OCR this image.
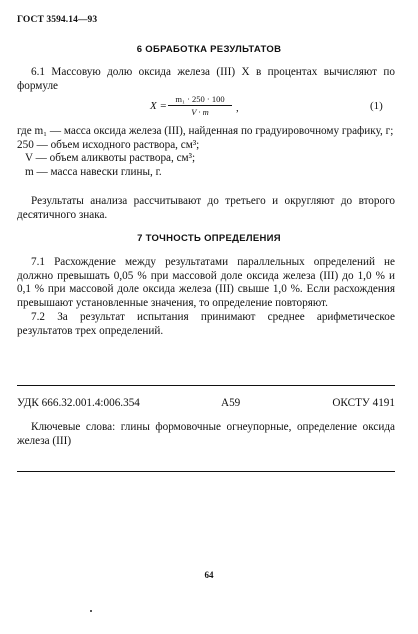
ГОСТ 3594.14—93
6 ОБРАБОТКА РЕЗУЛЬТАТОВ

6.1 Массовую долю оксида железа (III) X в процентах вычисляют по формуле

$X = \frac{\text{m₁ · 250 · 100}}{V \cdot m}$ ,	(1)
где m₁ — масса оксида железа (III), найденная по градуировочному графику, г;
250 — объем исходного раствора, см³;
V — объем аликвоты раствора, см³;
m — масса навески глины, г.

Результаты анализа рассчитывают до третьего и округляют до второго десятичного знака.

7 ТОЧНОСТЬ ОПРЕДЕЛЕНИЯ

7.1 Расхождение между результатами параллельных определений не должно превышать 0,05 % при массовой доле оксида железа (III) до 1,0 % и 0,1 % при массовой доле оксида железа (III) свыше 1,0 %. Если расхождения превышают установленные значения, то определение повторяют.

7.2 За результат испытания принимают среднее арифметическое результатов трех определений.

УДК 666.32.001.4:006.354	А59	ОКСТУ 4191

Ключевые слова: глины формовочные огнеупорные, определение оксида железа (III)

64
